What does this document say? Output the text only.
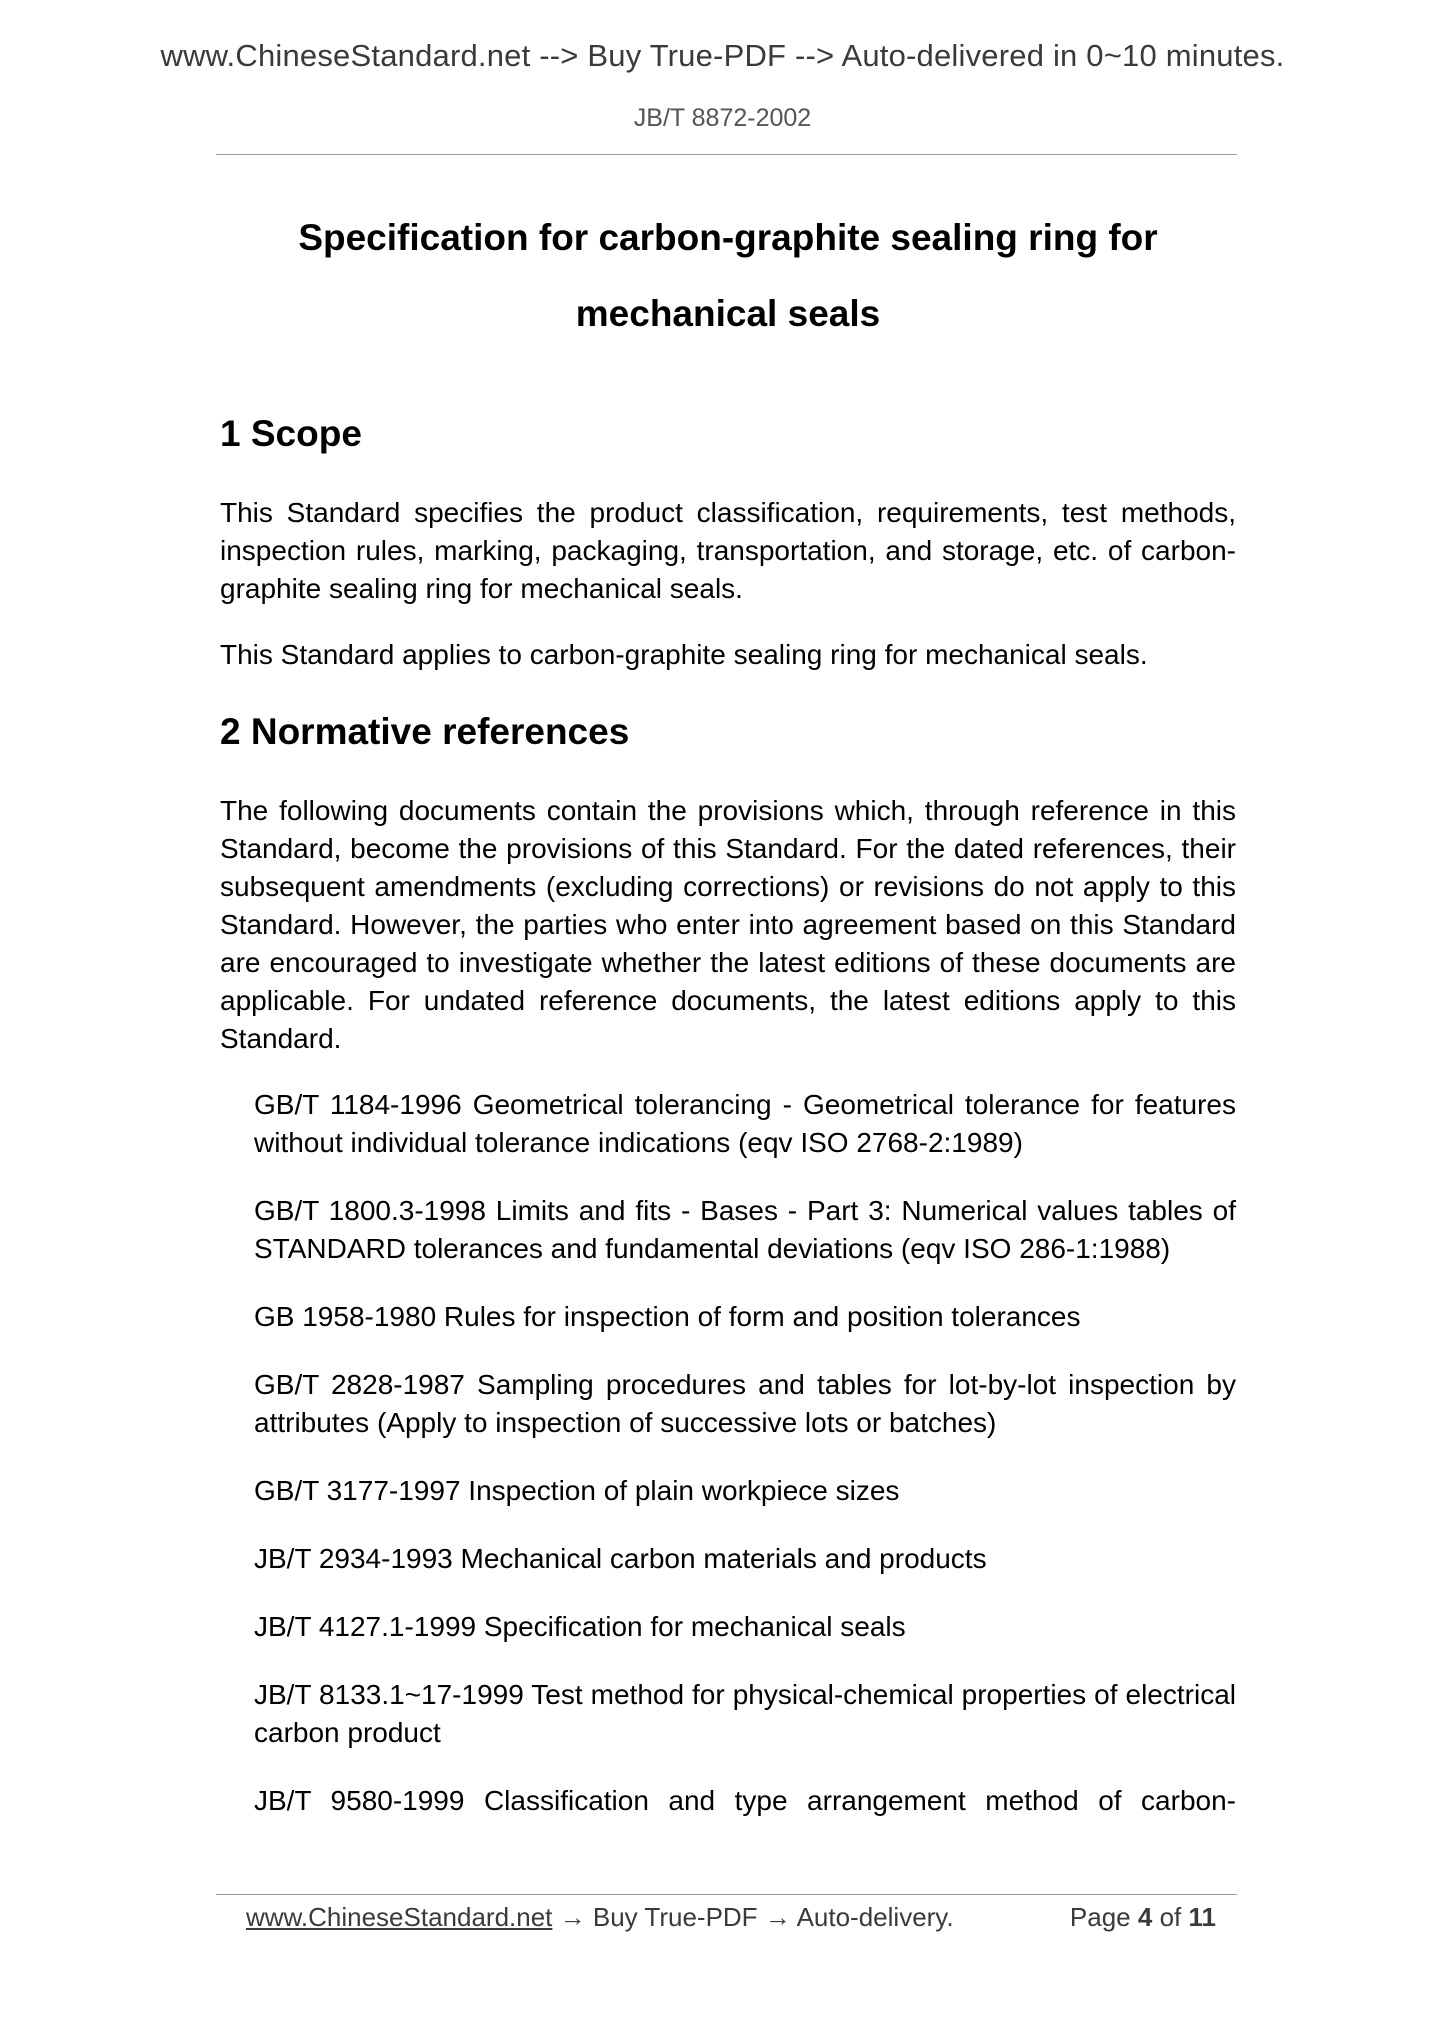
www.ChineseStandard.net --> Buy True-PDF --> Auto-delivered in 0~10 minutes.
JB/T 8872-2002
Specification for carbon-graphite sealing ring for
mechanical seals
1 Scope

This Standard specifies the product classification, requirements, test methods, inspection rules, marking, packaging, transportation, and storage, etc. of carbon-graphite sealing ring for mechanical seals.

This Standard applies to carbon-graphite sealing ring for mechanical seals.

2 Normative references

The following documents contain the provisions which, through reference in this Standard, become the provisions of this Standard. For the dated references, their subsequent amendments (excluding corrections) or revisions do not apply to this Standard. However, the parties who enter into agreement based on this Standard are encouraged to investigate whether the latest editions of these documents are applicable. For undated reference documents, the latest editions apply to this Standard.

GB/T 1184-1996 Geometrical tolerancing - Geometrical tolerance for features without individual tolerance indications (eqv ISO 2768-2:1989)
GB/T 1800.3-1998 Limits and fits - Bases - Part 3: Numerical values tables of STANDARD tolerances and fundamental deviations (eqv ISO 286-1:1988)
GB 1958-1980 Rules for inspection of form and position tolerances
GB/T 2828-1987 Sampling procedures and tables for lot-by-lot inspection by attributes (Apply to inspection of successive lots or batches)
GB/T 3177-1997 Inspection of plain workpiece sizes
JB/T 2934-1993 Mechanical carbon materials and products
JB/T 4127.1-1999 Specification for mechanical seals
JB/T 8133.1~17-1999 Test method for physical-chemical properties of electrical carbon product
JB/T 9580-1999 Classification and type arrangement method of carbon-
www.ChineseStandard.net → Buy True-PDF → Auto-delivery.	Page 4 of 11
